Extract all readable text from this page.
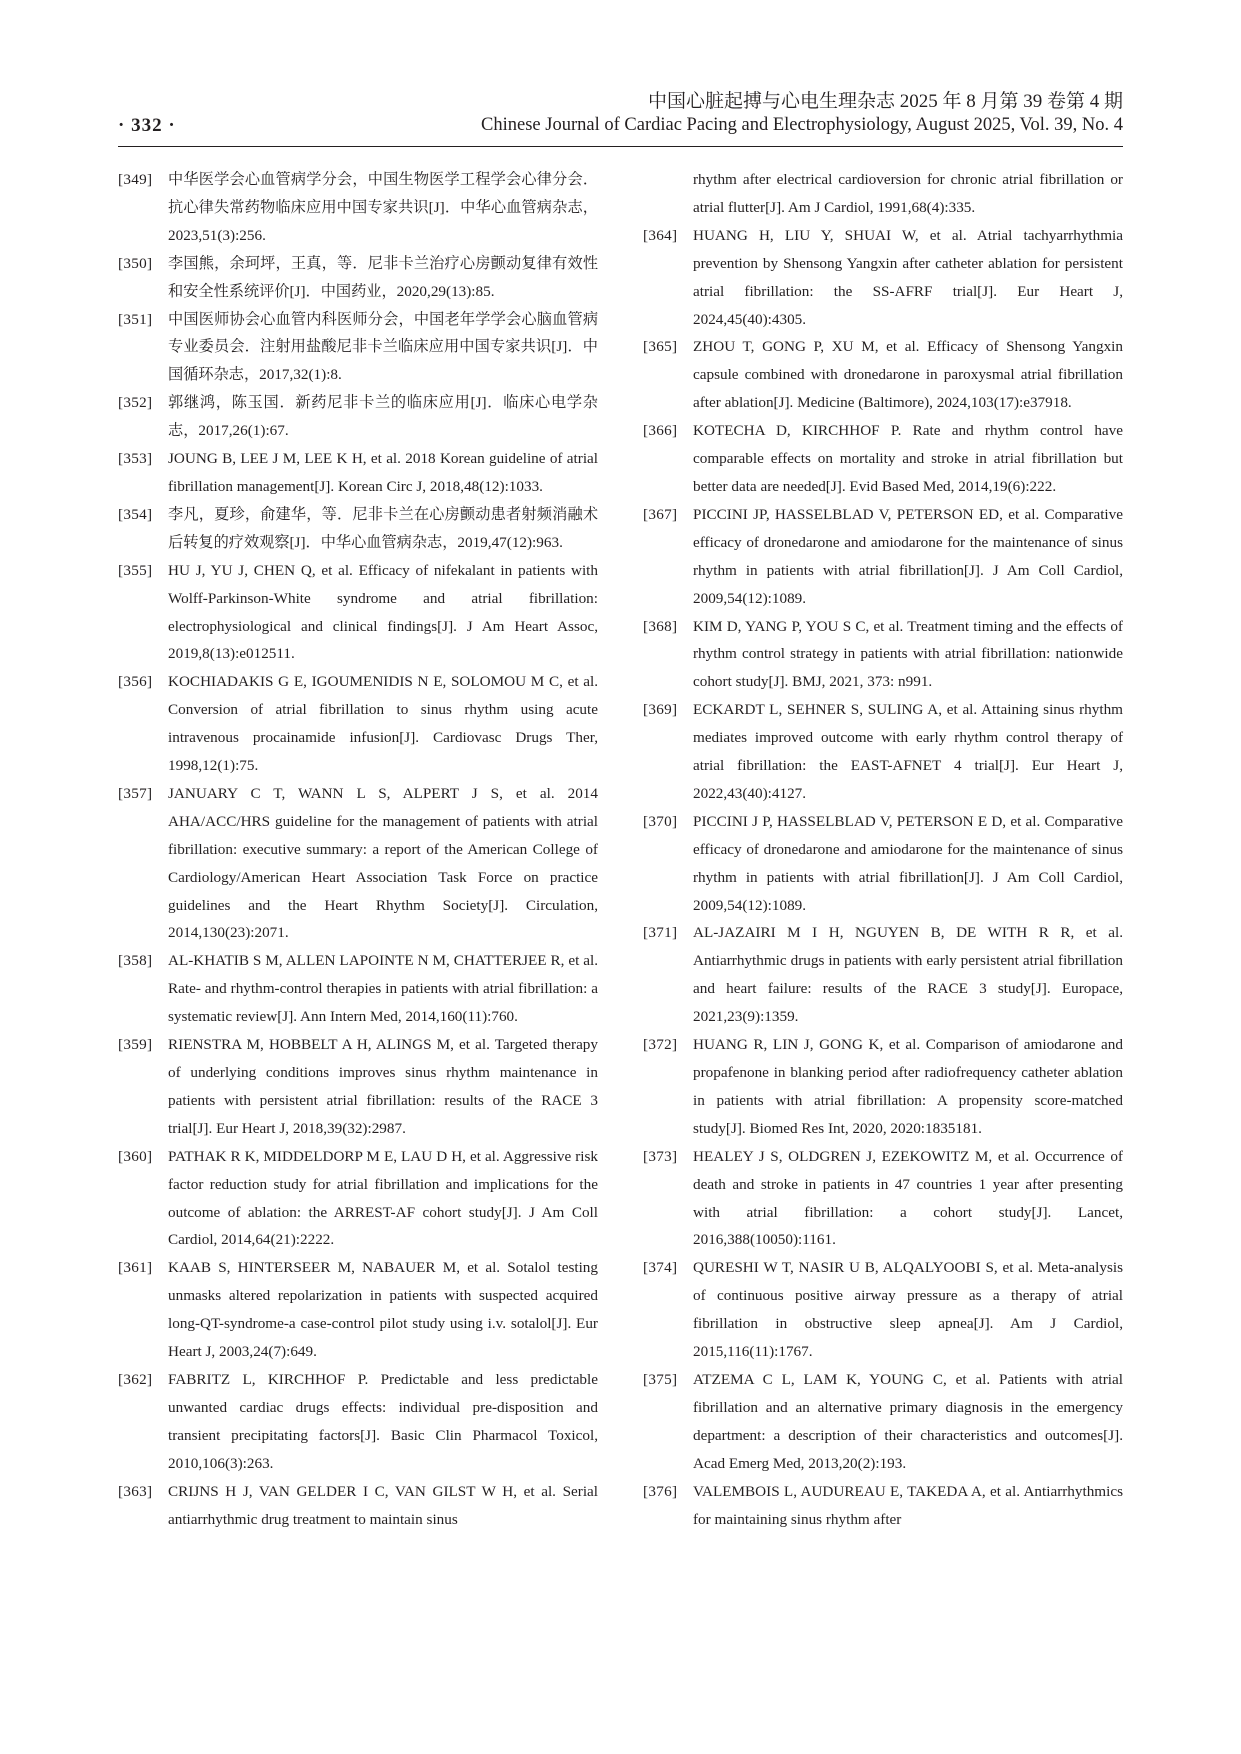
中国心脏起搏与心电生理杂志 2025 年 8 月第 39 卷第 4 期
· 332 ·	Chinese Journal of Cardiac Pacing and Electrophysiology, August 2025, Vol. 39, No. 4
[349]	中华医学会心血管病学分会，中国生物医学工程学会心律分会．抗心律失常药物临床应用中国专家共识[J]．中华心血管病杂志，2023,51(3):256.
[350]	李国熊，余珂坪，王真，等．尼非卡兰治疗心房颤动复律有效性和安全性系统评价[J]．中国药业，2020,29(13):85.
[351]	中国医师协会心血管内科医师分会，中国老年学学会心脑血管病专业委员会．注射用盐酸尼非卡兰临床应用中国专家共识[J]．中国循环杂志，2017,32(1):8.
[352]	郭继鸿，陈玉国．新药尼非卡兰的临床应用[J]．临床心电学杂志，2017,26(1):67.
[353]	JOUNG B, LEE J M, LEE K H, et al. 2018 Korean guideline of atrial fibrillation management[J]. Korean Circ J, 2018,48(12):1033.
[354]	李凡，夏珍，俞建华，等．尼非卡兰在心房颤动患者射频消融术后转复的疗效观察[J]．中华心血管病杂志，2019,47(12):963.
[355]	HU J, YU J, CHEN Q, et al. Efficacy of nifekalant in patients with Wolff-Parkinson-White syndrome and atrial fibrillation: electrophysiological and clinical findings[J]. J Am Heart Assoc, 2019,8(13):e012511.
[356]	KOCHIADAKIS G E, IGOUMENIDIS N E, SOLOMOU M C, et al. Conversion of atrial fibrillation to sinus rhythm using acute intravenous procainamide infusion[J]. Cardiovasc Drugs Ther, 1998,12(1):75.
[357]	JANUARY C T, WANN L S, ALPERT J S, et al. 2014 AHA/ACC/HRS guideline for the management of patients with atrial fibrillation: executive summary: a report of the American College of Cardiology/American Heart Association Task Force on practice guidelines and the Heart Rhythm Society[J]. Circulation, 2014,130(23):2071.
[358]	AL-KHATIB S M, ALLEN LAPOINTE N M, CHATTERJEE R, et al. Rate- and rhythm-control therapies in patients with atrial fibrillation: a systematic review[J]. Ann Intern Med, 2014,160(11):760.
[359]	RIENSTRA M, HOBBELT A H, ALINGS M, et al. Targeted therapy of underlying conditions improves sinus rhythm maintenance in patients with persistent atrial fibrillation: results of the RACE 3 trial[J]. Eur Heart J, 2018,39(32):2987.
[360]	PATHAK R K, MIDDELDORP M E, LAU D H, et al. Aggressive risk factor reduction study for atrial fibrillation and implications for the outcome of ablation: the ARREST-AF cohort study[J]. J Am Coll Cardiol, 2014,64(21):2222.
[361]	KAAB S, HINTERSEER M, NABAUER M, et al. Sotalol testing unmasks altered repolarization in patients with suspected acquired long-QT-syndrome-a case-control pilot study using i.v. sotalol[J]. Eur Heart J, 2003,24(7):649.
[362]	FABRITZ L, KIRCHHOF P. Predictable and less predictable unwanted cardiac drugs effects: individual pre-disposition and transient precipitating factors[J]. Basic Clin Pharmacol Toxicol, 2010,106(3):263.
[363]	CRIJNS H J, VAN GELDER I C, VAN GILST W H, et al. Serial antiarrhythmic drug treatment to maintain sinus
rhythm after electrical cardioversion for chronic atrial fibrillation or atrial flutter[J]. Am J Cardiol, 1991,68(4):335.
[364]	HUANG H, LIU Y, SHUAI W, et al. Atrial tachyarrhythmia prevention by Shensong Yangxin after catheter ablation for persistent atrial fibrillation: the SS-AFRF trial[J]. Eur Heart J, 2024,45(40):4305.
[365]	ZHOU T, GONG P, XU M, et al. Efficacy of Shensong Yangxin capsule combined with dronedarone in paroxysmal atrial fibrillation after ablation[J]. Medicine (Baltimore), 2024,103(17):e37918.
[366]	KOTECHA D, KIRCHHOF P. Rate and rhythm control have comparable effects on mortality and stroke in atrial fibrillation but better data are needed[J]. Evid Based Med, 2014,19(6):222.
[367]	PICCINI JP, HASSELBLAD V, PETERSON ED, et al. Comparative efficacy of dronedarone and amiodarone for the maintenance of sinus rhythm in patients with atrial fibrillation[J]. J Am Coll Cardiol, 2009,54(12):1089.
[368]	KIM D, YANG P, YOU S C, et al. Treatment timing and the effects of rhythm control strategy in patients with atrial fibrillation: nationwide cohort study[J]. BMJ, 2021, 373: n991.
[369]	ECKARDT L, SEHNER S, SULING A, et al. Attaining sinus rhythm mediates improved outcome with early rhythm control therapy of atrial fibrillation: the EAST-AFNET 4 trial[J]. Eur Heart J, 2022,43(40):4127.
[370]	PICCINI J P, HASSELBLAD V, PETERSON E D, et al. Comparative efficacy of dronedarone and amiodarone for the maintenance of sinus rhythm in patients with atrial fibrillation[J]. J Am Coll Cardiol, 2009,54(12):1089.
[371]	AL-JAZAIRI M I H, NGUYEN B, DE WITH R R, et al. Antiarrhythmic drugs in patients with early persistent atrial fibrillation and heart failure: results of the RACE 3 study[J]. Europace, 2021,23(9):1359.
[372]	HUANG R, LIN J, GONG K, et al. Comparison of amiodarone and propafenone in blanking period after radiofrequency catheter ablation in patients with atrial fibrillation: A propensity score-matched study[J]. Biomed Res Int, 2020, 2020:1835181.
[373]	HEALEY J S, OLDGREN J, EZEKOWITZ M, et al. Occurrence of death and stroke in patients in 47 countries 1 year after presenting with atrial fibrillation: a cohort study[J]. Lancet, 2016,388(10050):1161.
[374]	QURESHI W T, NASIR U B, ALQALYOOBI S, et al. Meta-analysis of continuous positive airway pressure as a therapy of atrial fibrillation in obstructive sleep apnea[J]. Am J Cardiol, 2015,116(11):1767.
[375]	ATZEMA C L, LAM K, YOUNG C, et al. Patients with atrial fibrillation and an alternative primary diagnosis in the emergency department: a description of their characteristics and outcomes[J]. Acad Emerg Med, 2013,20(2):193.
[376]	VALEMBOIS L, AUDUREAU E, TAKEDA A, et al. Antiarrhythmics for maintaining sinus rhythm after
